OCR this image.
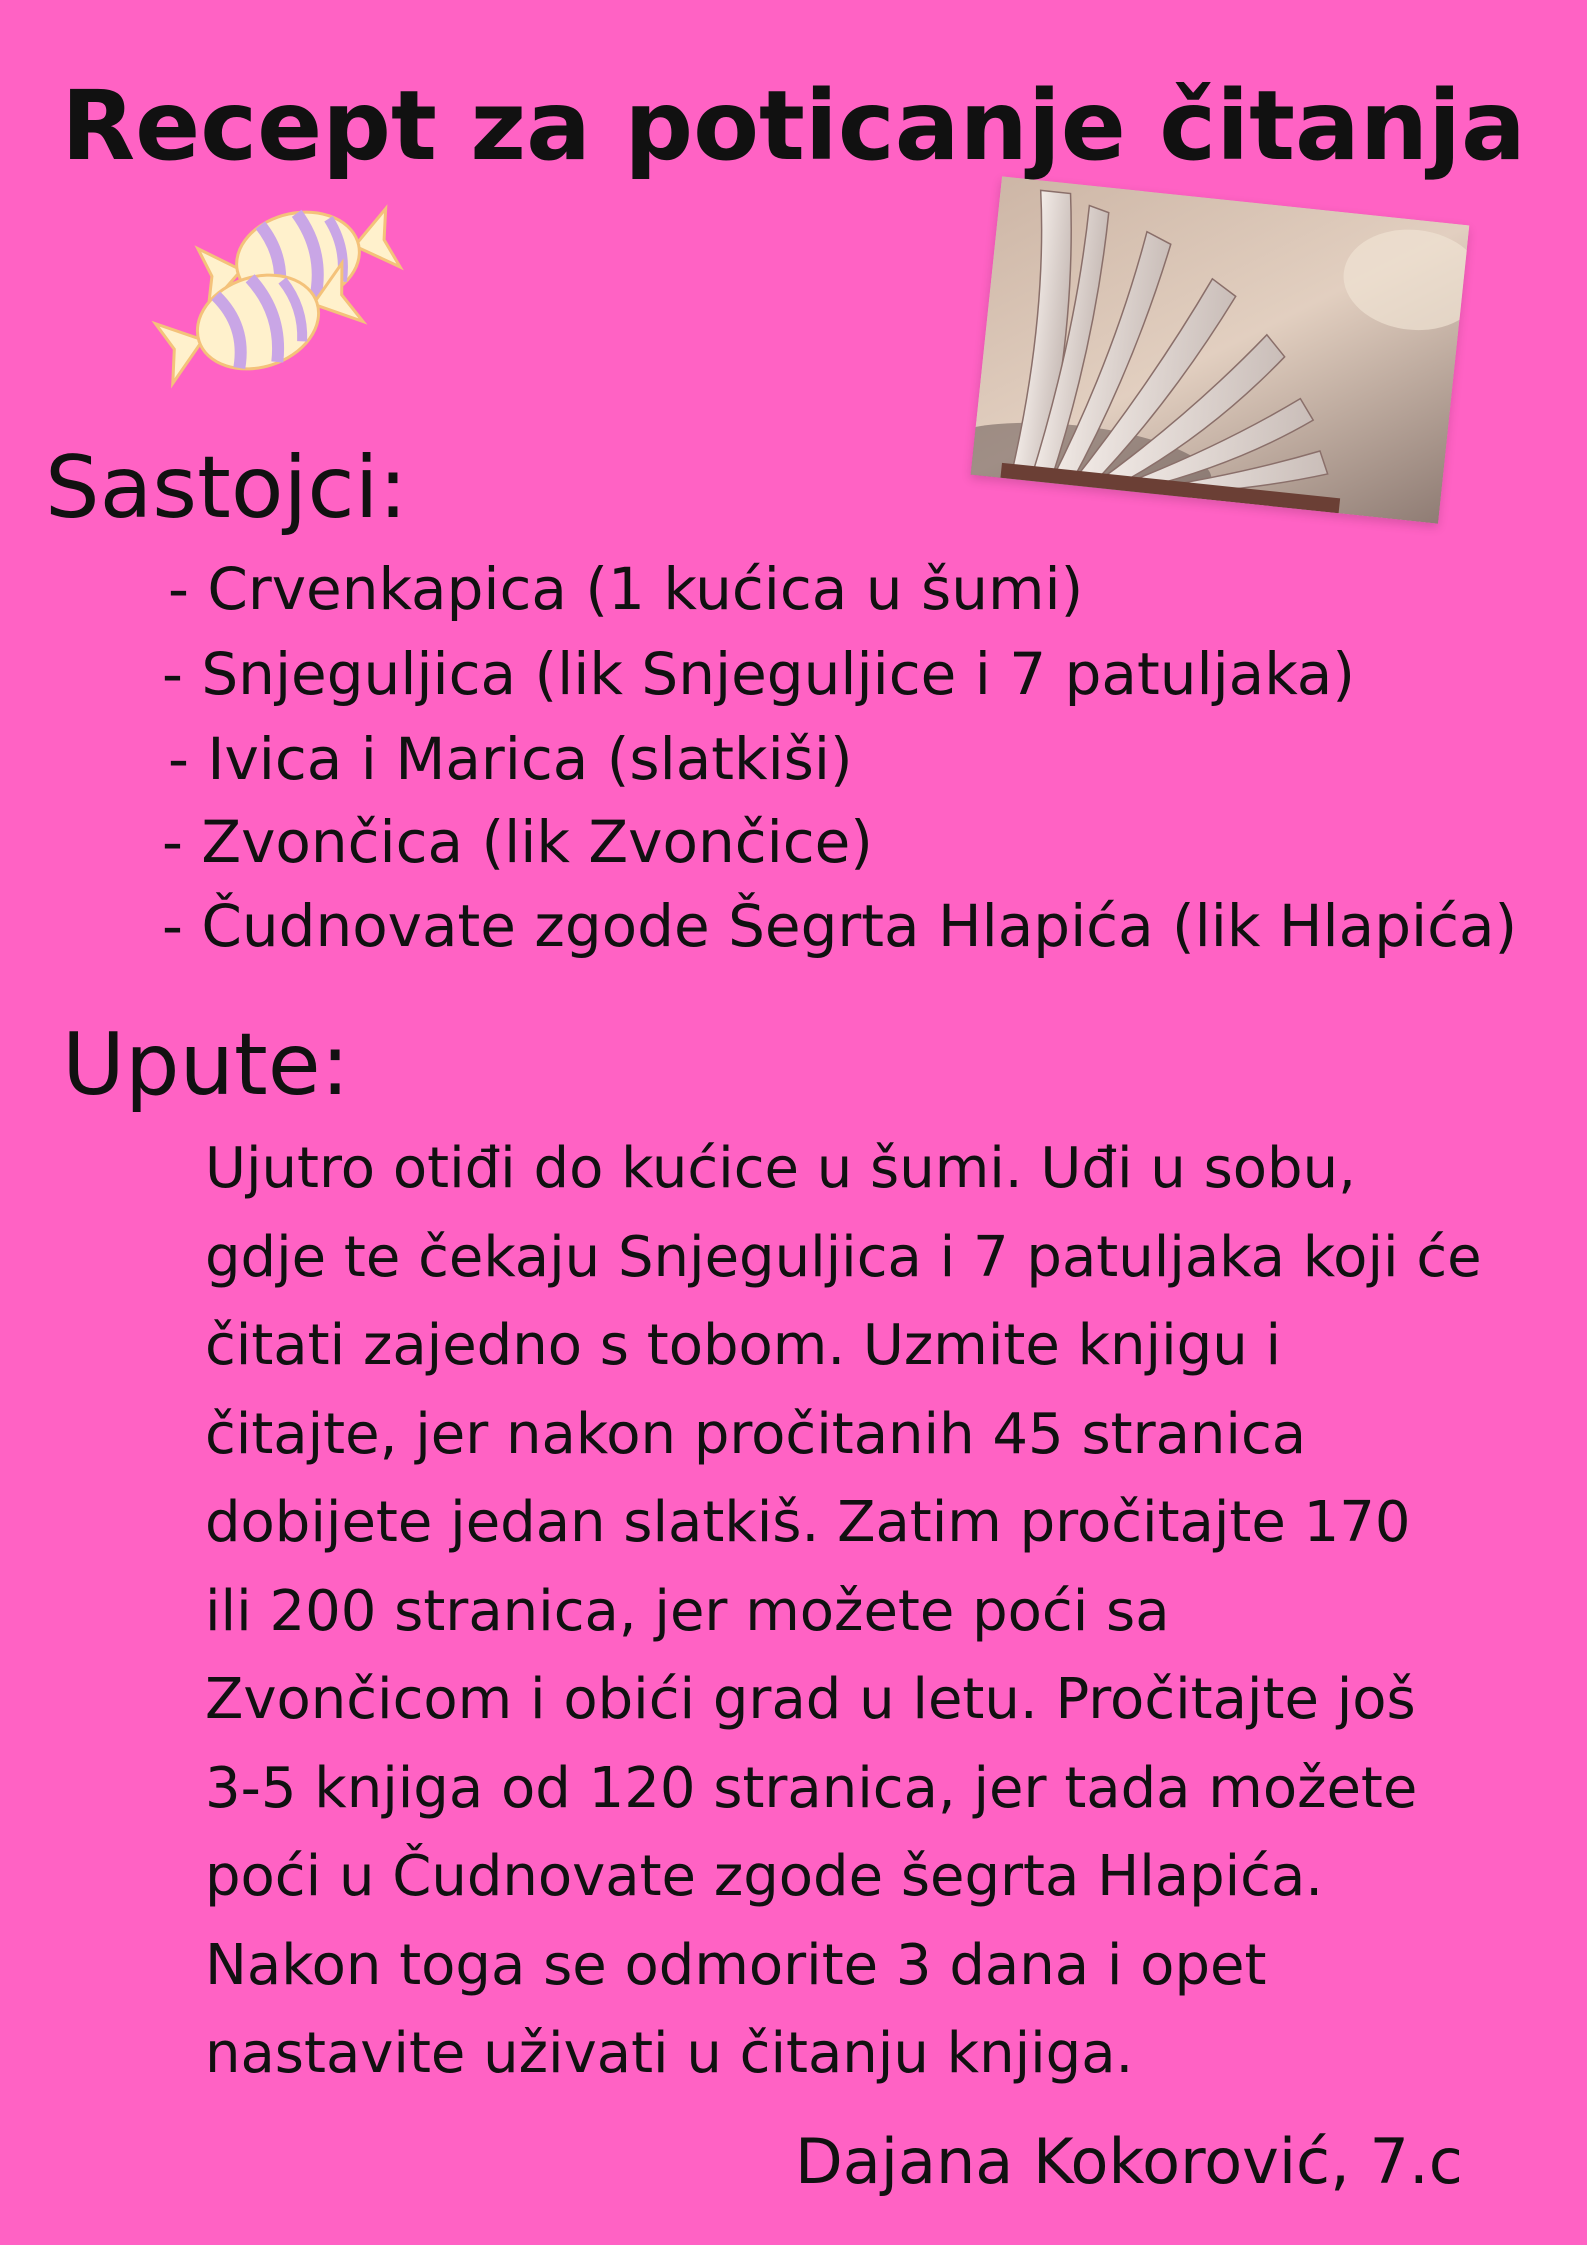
Recept za poticanje čitanja
Sastojci:
- Crvenkapica (1 kućica u šumi)
- Snjeguljica (lik Snjeguljice i 7 patuljaka)
- Ivica i Marica (slatkiši)
- Zvončica (lik Zvončice)
- Čudnovate zgode Šegrta Hlapića (lik Hlapića)
Upute:
Ujutro otiđi do kućice u šumi. Uđi u sobu,
gdje te čekaju Snjeguljica i 7 patuljaka koji će
čitati zajedno s tobom. Uzmite knjigu i
čitajte, jer nakon pročitanih 45 stranica
dobijete jedan slatkiš. Zatim pročitajte 170
ili 200 stranica, jer možete poći sa
Zvončicom i obići grad u letu. Pročitajte još
3-5 knjiga od 120 stranica, jer tada možete
poći u Čudnovate zgode šegrta Hlapića.
Nakon toga se odmorite 3 dana i opet
nastavite uživati u čitanju knjiga.
Dajana Kokorović, 7.c
